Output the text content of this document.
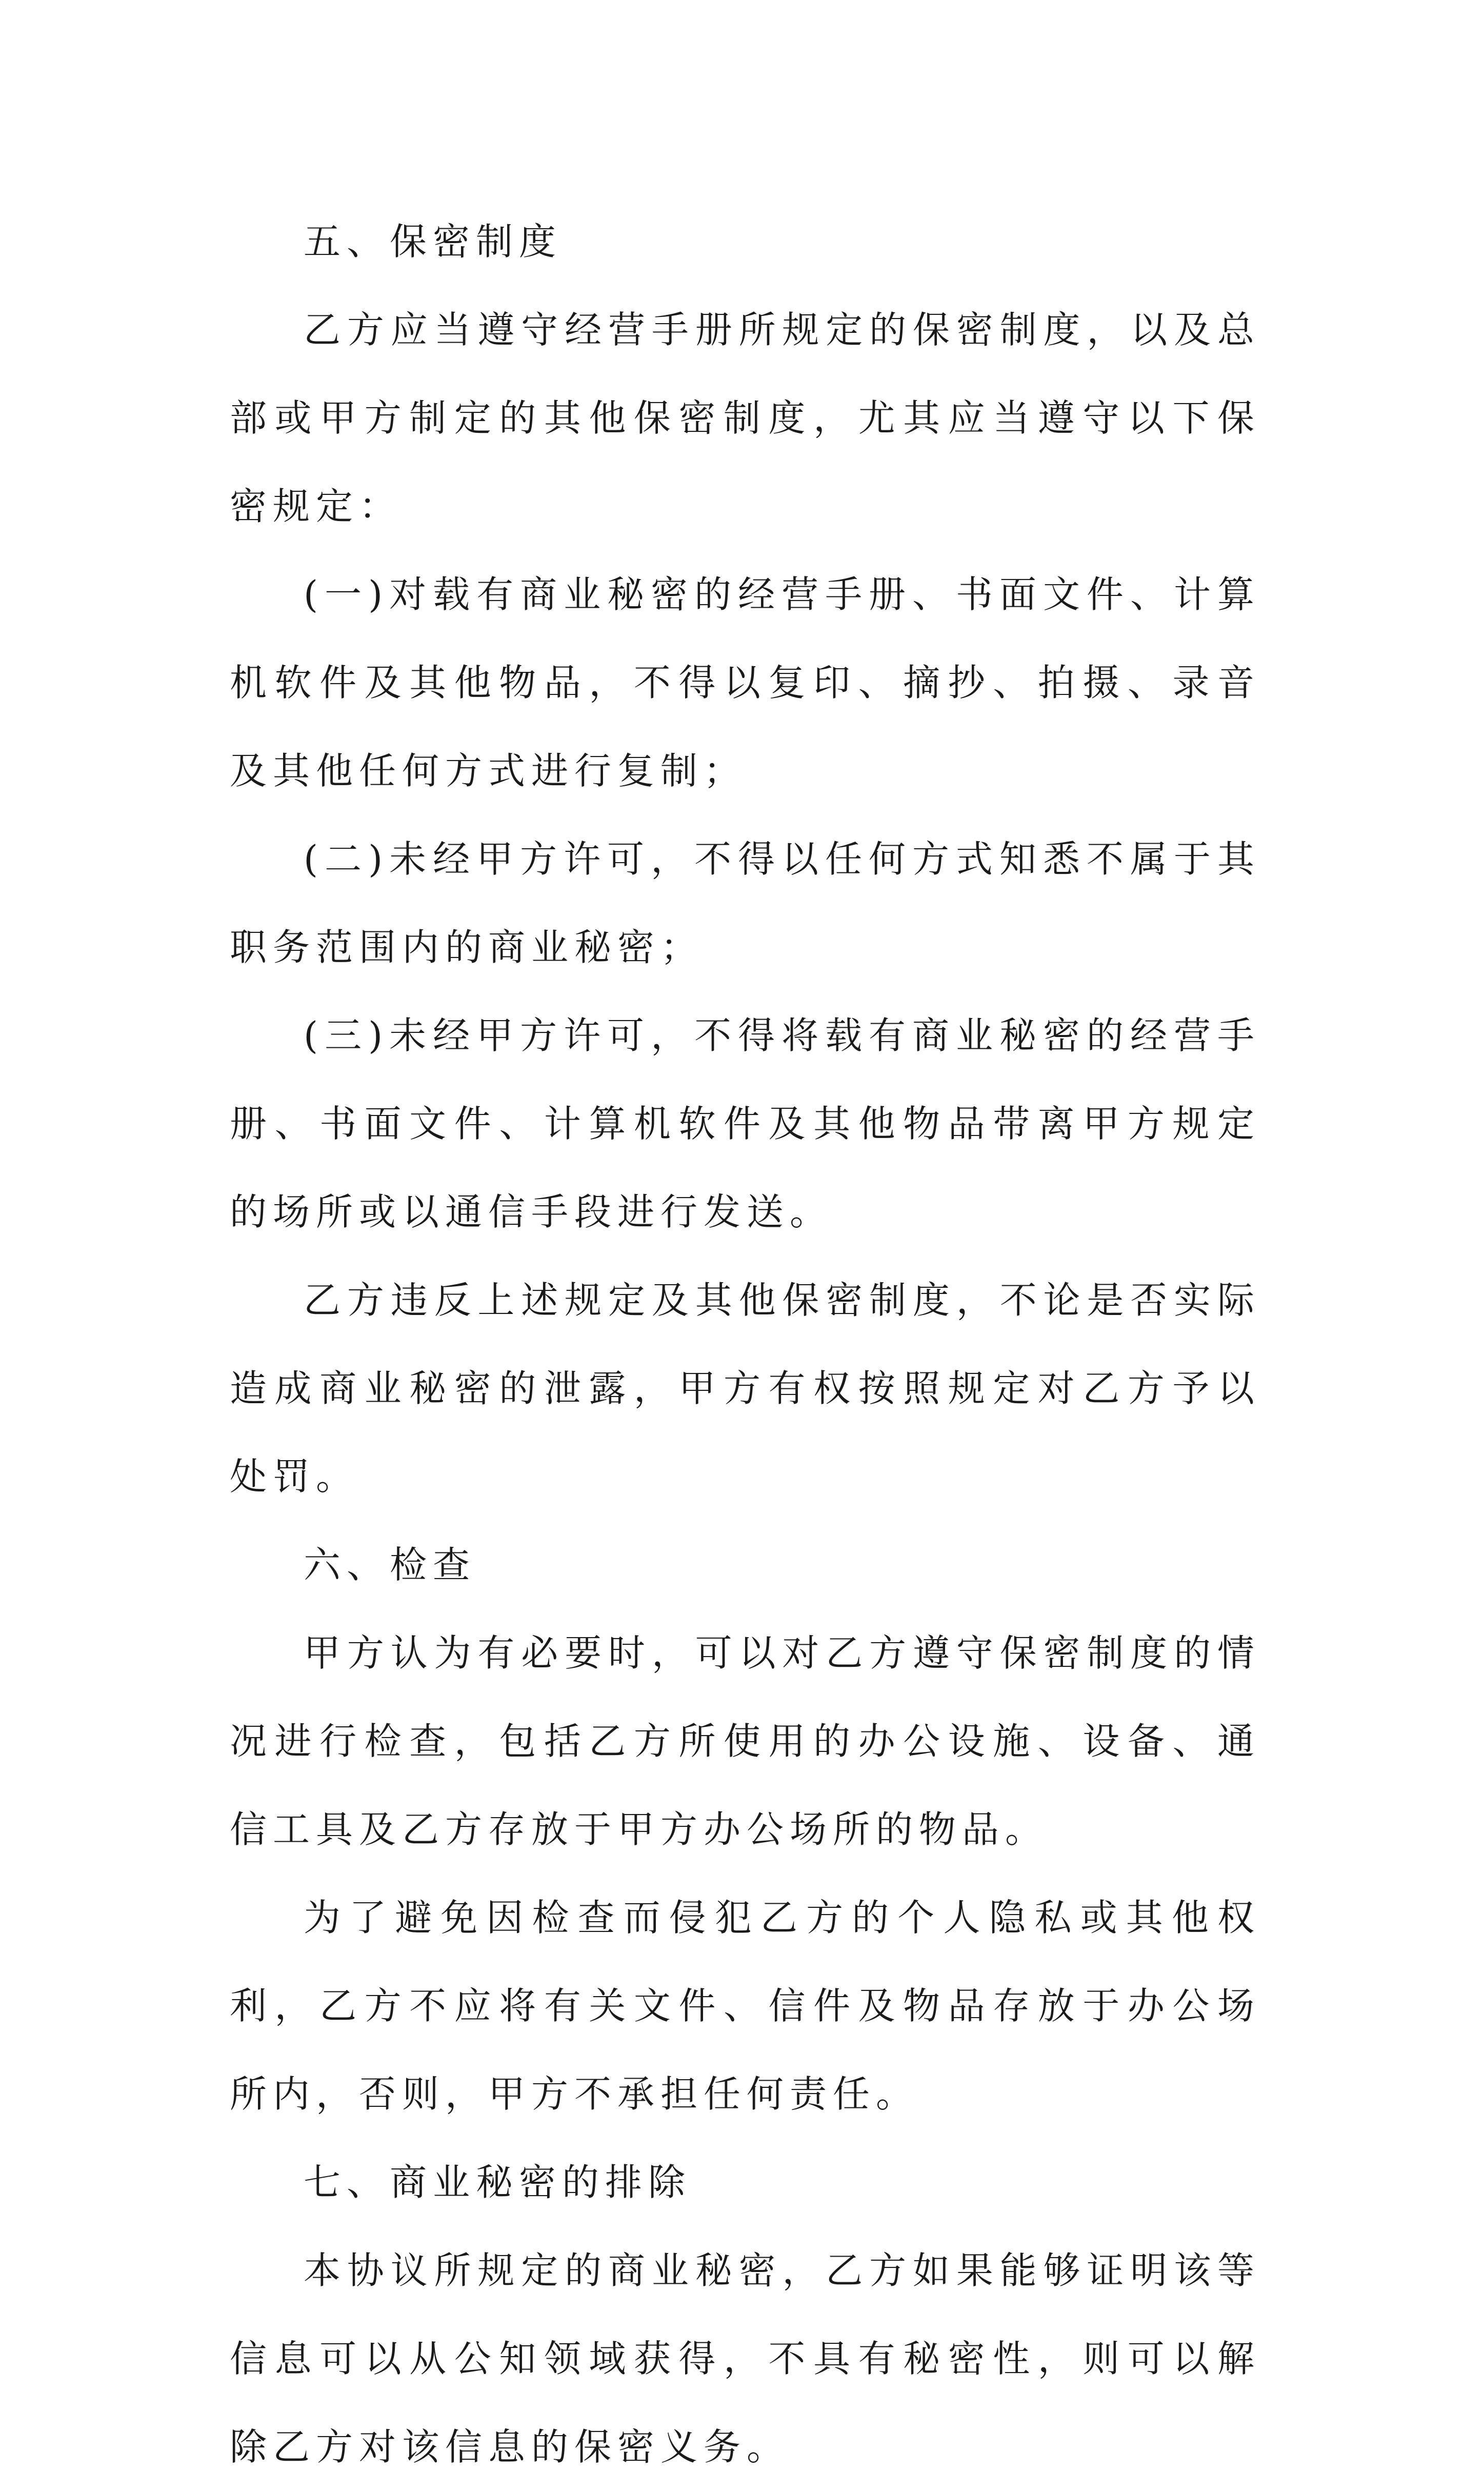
五、保密制度

乙方应当遵守经营手册所规定的保密制度，以及总部或甲方制定的其他保密制度，尤其应当遵守以下保密规定：

(一)对载有商业秘密的经营手册、书面文件、计算机软件及其他物品，不得以复印、摘抄、拍摄、录音及其他任何方式进行复制；

(二)未经甲方许可，不得以任何方式知悉不属于其职务范围内的商业秘密；

(三)未经甲方许可，不得将载有商业秘密的经营手册、书面文件、计算机软件及其他物品带离甲方规定的场所或以通信手段进行发送。

乙方违反上述规定及其他保密制度，不论是否实际造成商业秘密的泄露，甲方有权按照规定对乙方予以处罚。

六、检查

甲方认为有必要时，可以对乙方遵守保密制度的情况进行检查，包括乙方所使用的办公设施、设备、通信工具及乙方存放于甲方办公场所的物品。

为了避免因检查而侵犯乙方的个人隐私或其他权利，乙方不应将有关文件、信件及物品存放于办公场所内，否则，甲方不承担任何责任。

七、商业秘密的排除

本协议所规定的商业秘密，乙方如果能够证明该等信息可以从公知领域获得，不具有秘密性，则可以解除乙方对该信息的保密义务。
